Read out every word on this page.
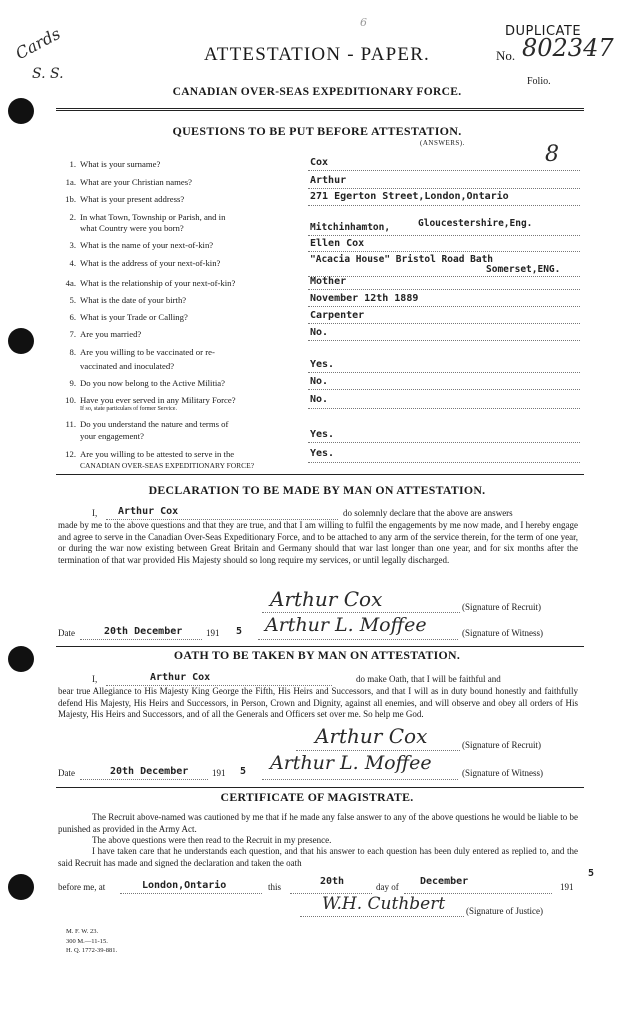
Cards
S. S.
6
DUPLICATE
No. 802347
Folio.
ATTESTATION - PAPER.
CANADIAN OVER-SEAS EXPEDITIONARY FORCE.
QUESTIONS TO BE PUT BEFORE ATTESTATION.
(ANSWERS).	8
1. What is your surname?	Cox
1a. What are your Christian names?	Arthur
1b. What is your present address?	271 Egerton Street,London,Ontario
2. In what Town, Township or Parish, and in
what Country were you born?	Mitchinhamton,	Gloucestershire,Eng.
3. What is the name of your next-of-kin?	Ellen Cox
4. What is the address of your next-of-kin?	"Acacia House" Bristol Road Bath
Somerset,ENG.
4a. What is the relationship of your next-of-kin?	Mother
5. What is the date of your birth?	November 12th 1889
6. What is your Trade or Calling?	Carpenter
7. Are you married?	No.
8. Are you willing to be vaccinated or re-
vaccinated and inoculated?	Yes.
9. Do you now belong to the Active Militia?	No.
10. Have you ever served in any Military Force?
If so, state particulars of former Service.
No.
11. Do you understand the nature and terms of
your engagement?	Yes.
12. Are you willing to be attested to serve in the
CANADIAN OVER-SEAS EXPEDITIONARY FORCE?
Yes.
DECLARATION TO BE MADE BY MAN ON ATTESTATION.
I, Arthur Cox	do solemnly declare that the above are answers
made by me to the above questions and that they are true, and that I am willing to fulfil the engagements by me now made, and I hereby engage and agree to serve in the Canadian Over-Seas Expeditionary Force, and to be attached to any arm of the service therein, for the term of one year, or during the war now existing between Great Britain and Germany should that war last longer than one year, and for six months after the termination of that war provided His Majesty should so long require my services, or until legally discharged.
Arthur Cox	(Signature of Recruit)
Date	20th December	191 5 Arthur L. Moffee	(Signature of Witness)
OATH TO BE TAKEN BY MAN ON ATTESTATION.
I,	Arthur Cox	do make Oath, that I will be faithful and
bear true Allegiance to His Majesty King George the Fifth, His Heirs and Successors, and that I will as in duty bound honestly and faithfully defend His Majesty, His Heirs and Successors, in Person, Crown and Dignity, against all enemies, and will observe and obey all orders of His Majesty, His Heirs and Successors, and of all the Generals and Officers set over me. So help me God.
Arthur Cox	(Signature of Recruit)
Date	20th December	191 5 Arthur L. Moffee	(Signature of Witness)
CERTIFICATE OF MAGISTRATE.
The Recruit above-named was cautioned by me that if he made any false answer to any of the above questions he would be liable to be punished as provided in the Army Act.
The above questions were then read to the Recruit in my presence.
I have taken care that he understands each question, and that his answer to each question has been duly entered as replied to, and the said Recruit has made and signed the declaration and taken the oath
before me, at	London,Ontario	this	20th	day of December	191
5
W.H. Cuthbert (Signature of Justice)
M. F. W. 23.
300 M.—11-15.
H. Q. 1772-39-881.
